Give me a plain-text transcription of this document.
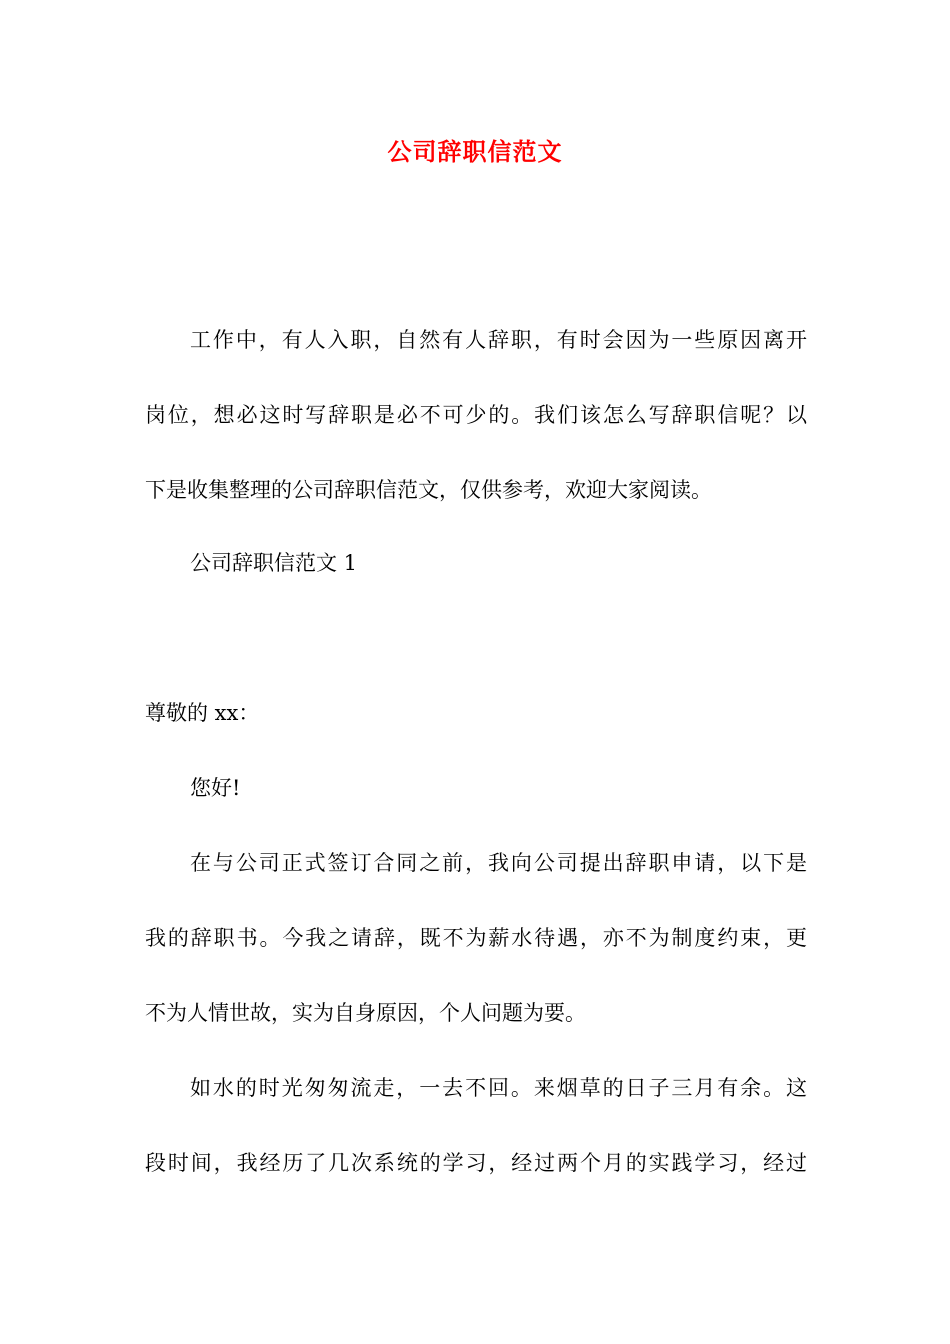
公司辞职信范文
工作中，有人入职，自然有人辞职，有时会因为一些原因离开
岗位，想必这时写辞职是必不可少的。我们该怎么写辞职信呢？以
下是收集整理的公司辞职信范文，仅供参考，欢迎大家阅读。
公司辞职信范文 1
尊敬的 xx：
您好!
在与公司正式签订合同之前，我向公司提出辞职申请，以下是
我的辞职书。今我之请辞，既不为薪水待遇，亦不为制度约束，更
不为人情世故，实为自身原因，个人问题为要。
如水的时光匆匆流走，一去不回。来烟草的日子三月有余。这
段时间，我经历了几次系统的学习，经过两个月的实践学习，经过
